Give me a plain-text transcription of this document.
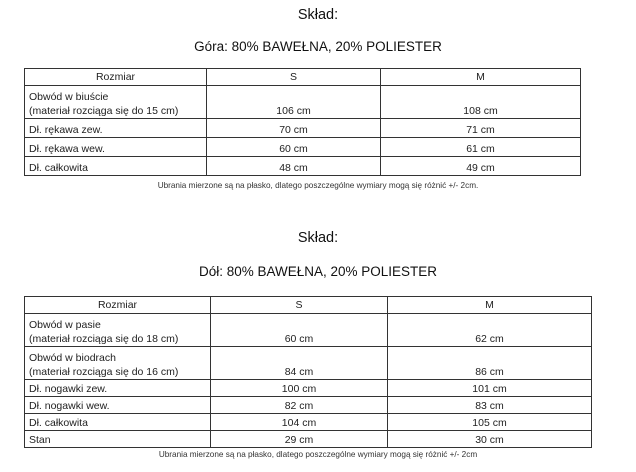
Skład:
Góra: 80% BAWEŁNA, 20% POLIESTER
Rozmiar	S	M

Obwód w biuście
(materiał rozciąga się do 15 cm)	106 cm	108 cm
Dł. rękawa zew.	70 cm	71 cm
Dł. rękawa wew.	60 cm	61 cm
Dł. całkowita	48 cm	49 cm
Ubrania mierzone są na płasko, dlatego poszczególne wymiary mogą się różnić +/- 2cm.
Skład:
Dół: 80% BAWEŁNA, 20% POLIESTER
Rozmiar	S	M

Obwód w pasie
(materiał rozciąga się do 18 cm)	60 cm	62 cm

Obwód w biodrach
(materiał rozciąga się do 16 cm)	84 cm	86 cm
Dł. nogawki zew.	100 cm	101 cm
Dł. nogawki wew.	82 cm	83 cm
Dł. całkowita	104 cm	105 cm
Stan	29 cm	30 cm
Ubrania mierzone są na płasko, dlatego poszczególne wymiary mogą się różnić +/- 2cm
